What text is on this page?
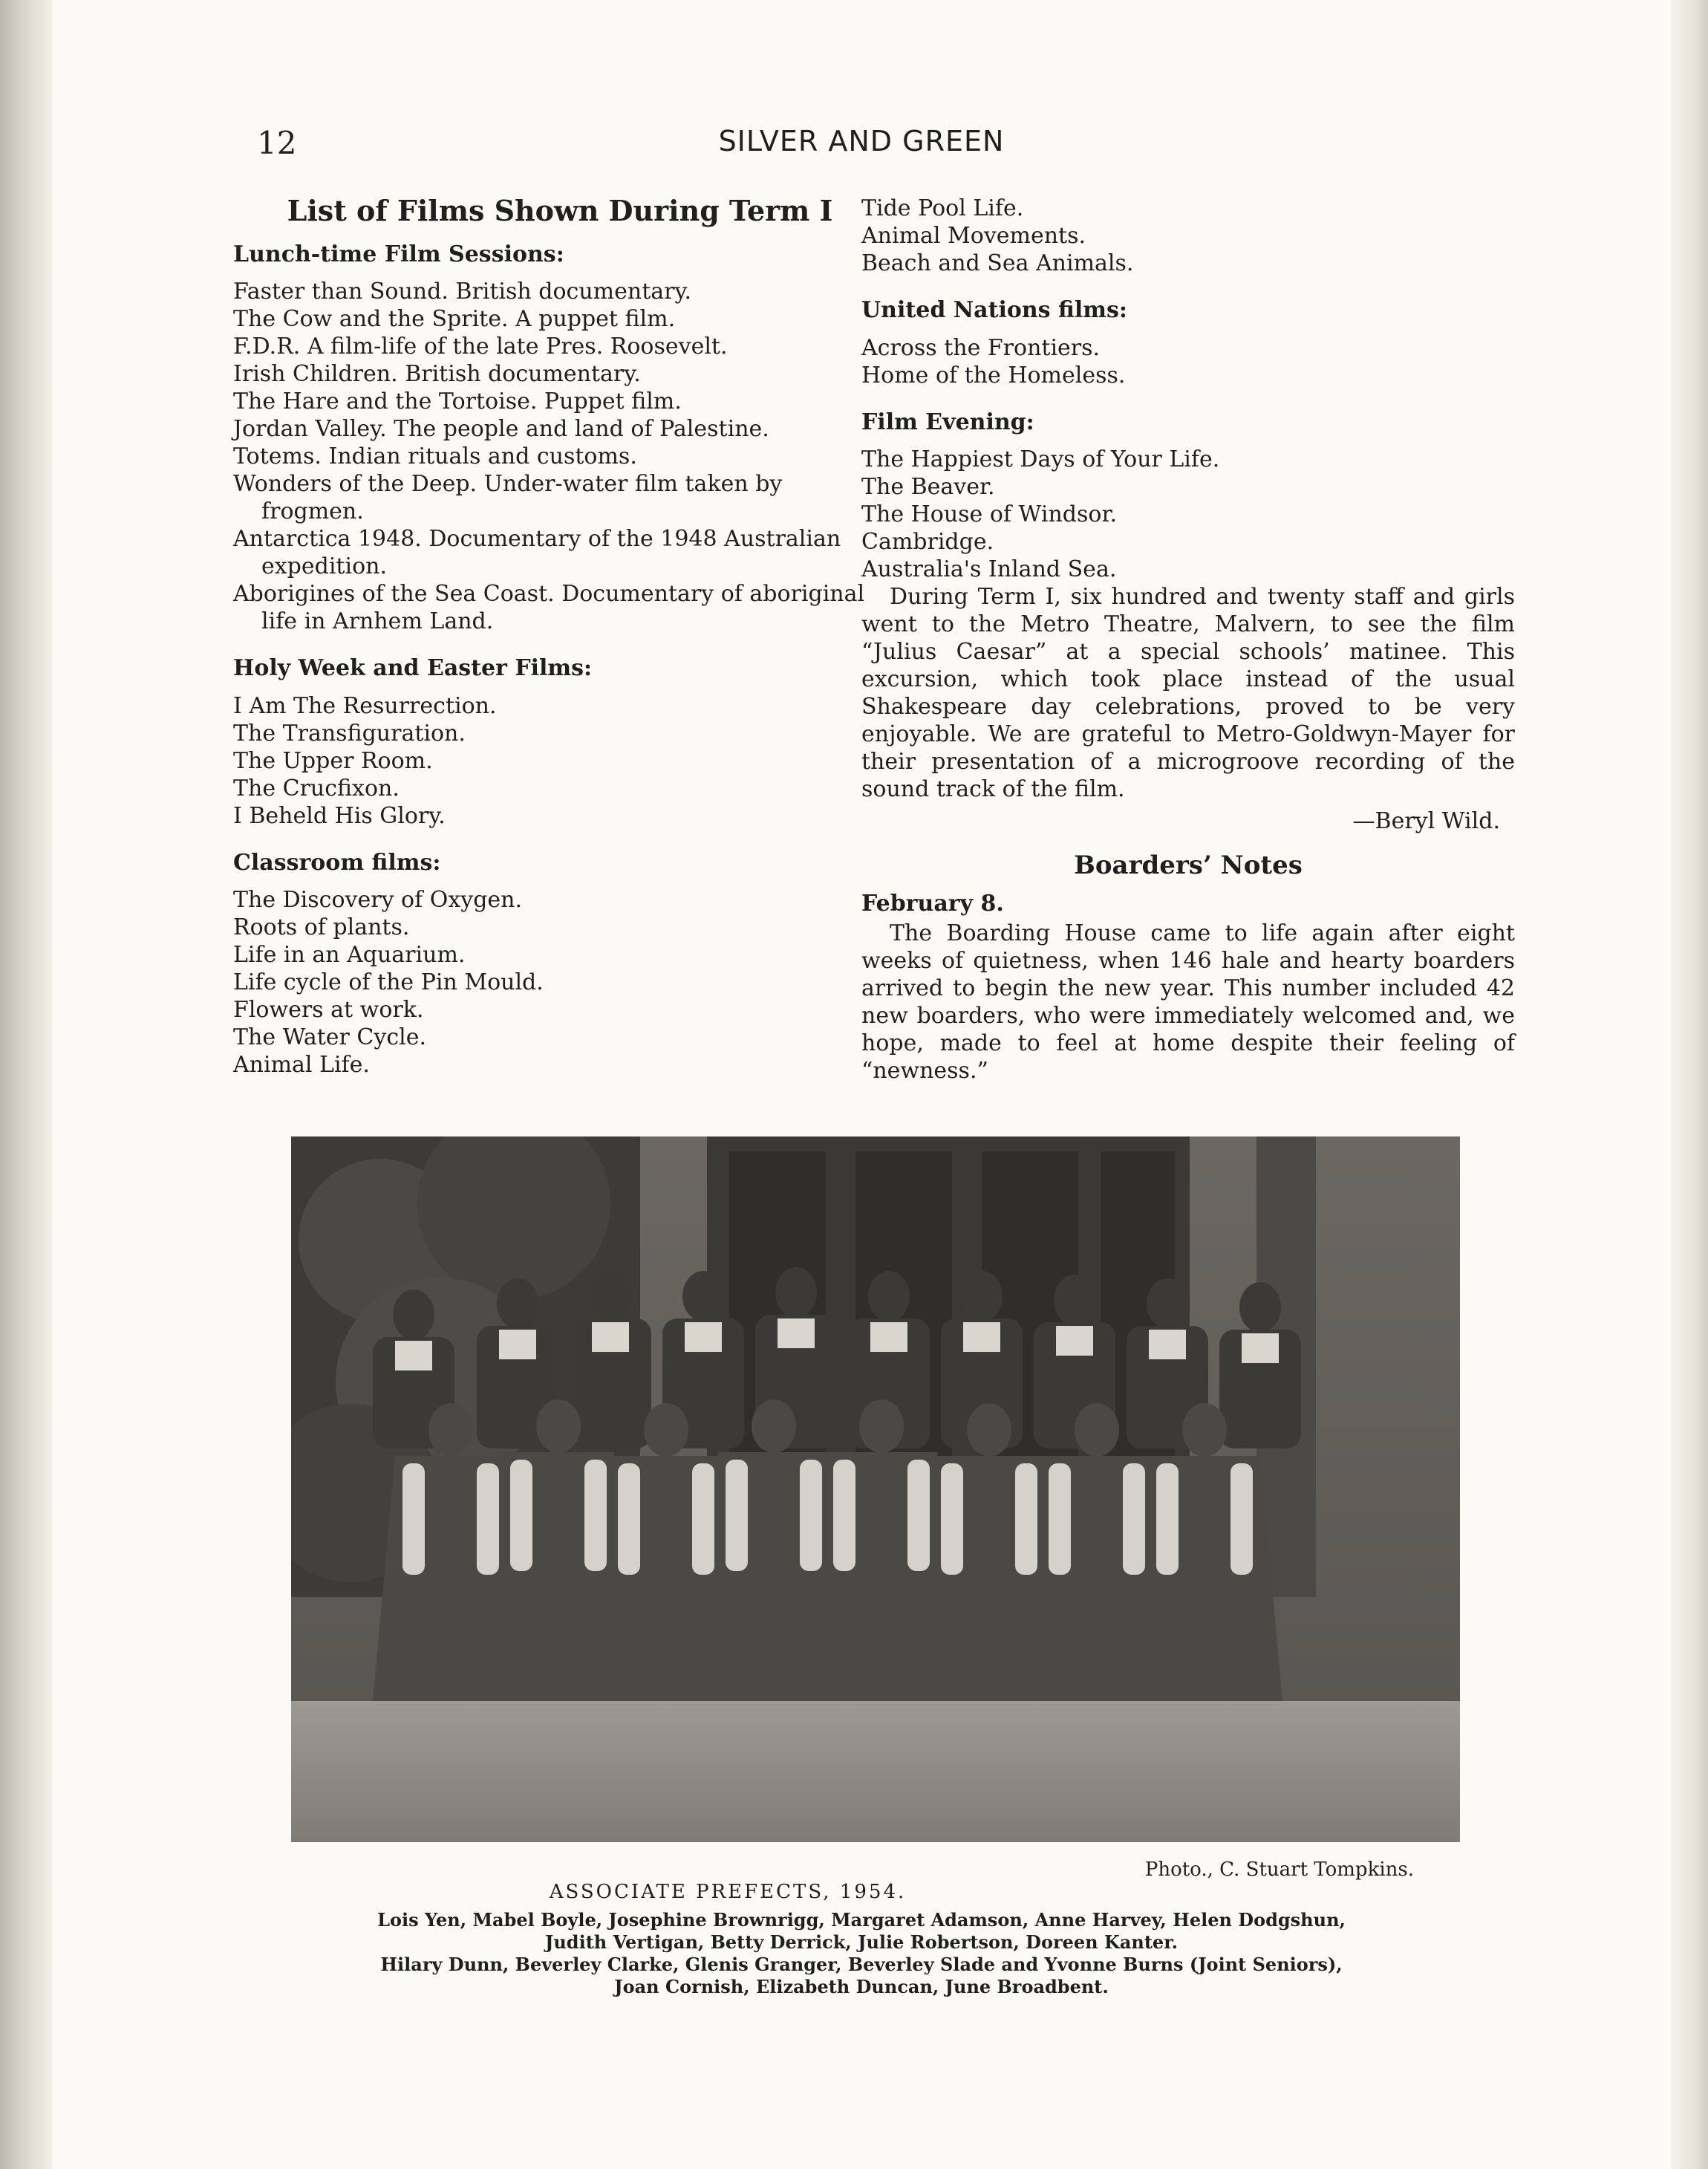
12	SILVER AND GREEN
List of Films Shown During Term I
Lunch-time Film Sessions:
Faster than Sound. British documentary.
The Cow and the Sprite. A puppet film.
F.D.R. A film-life of the late Pres. Roosevelt.
Irish Children. British documentary.
The Hare and the Tortoise. Puppet film.
Jordan Valley. The people and land of Palestine.
Totems. Indian rituals and customs.
Wonders of the Deep. Under-water film taken by frogmen.
Antarctica 1948. Documentary of the 1948 Australian expedition.
Aborigines of the Sea Coast. Documentary of aboriginal life in Arnhem Land.
Holy Week and Easter Films:
I Am The Resurrection.
The Transfiguration.
The Upper Room.
The Crucfixon.
I Beheld His Glory.
Classroom films:
The Discovery of Oxygen.
Roots of plants.
Life in an Aquarium.
Life cycle of the Pin Mould.
Flowers at work.
The Water Cycle.
Animal Life.
Tide Pool Life.
Animal Movements.
Beach and Sea Animals.
United Nations films:
Across the Frontiers.
Home of the Homeless.
Film Evening:
The Happiest Days of Your Life.
The Beaver.
The House of Windsor.
Cambridge.
Australia's Inland Sea.

During Term I, six hundred and twenty staff and girls went to the Metro Theatre, Malvern, to see the film “Julius Caesar” at a special schools’ matinee. This excursion, which took place instead of the usual Shakespeare day celebrations, proved to be very enjoyable. We are grateful to Metro-Goldwyn-Mayer for their presentation of a microgroove recording of the sound track of the film.

—Beryl Wild.

Boarders’ Notes
February 8.

The Boarding House came to life again after eight weeks of quietness, when 146 hale and hearty boarders arrived to begin the new year. This number included 42 new boarders, who were immediately welcomed and, we hope, made to feel at home despite their feeling of “newness.”

Photo., C. Stuart Tompkins.
ASSOCIATE PREFECTS, 1954.
Lois Yen, Mabel Boyle, Josephine Brownrigg, Margaret Adamson, Anne Harvey, Helen Dodgshun,
Judith Vertigan, Betty Derrick, Julie Robertson, Doreen Kanter.
Hilary Dunn, Beverley Clarke, Glenis Granger, Beverley Slade and Yvonne Burns (Joint Seniors),
Joan Cornish, Elizabeth Duncan, June Broadbent.
